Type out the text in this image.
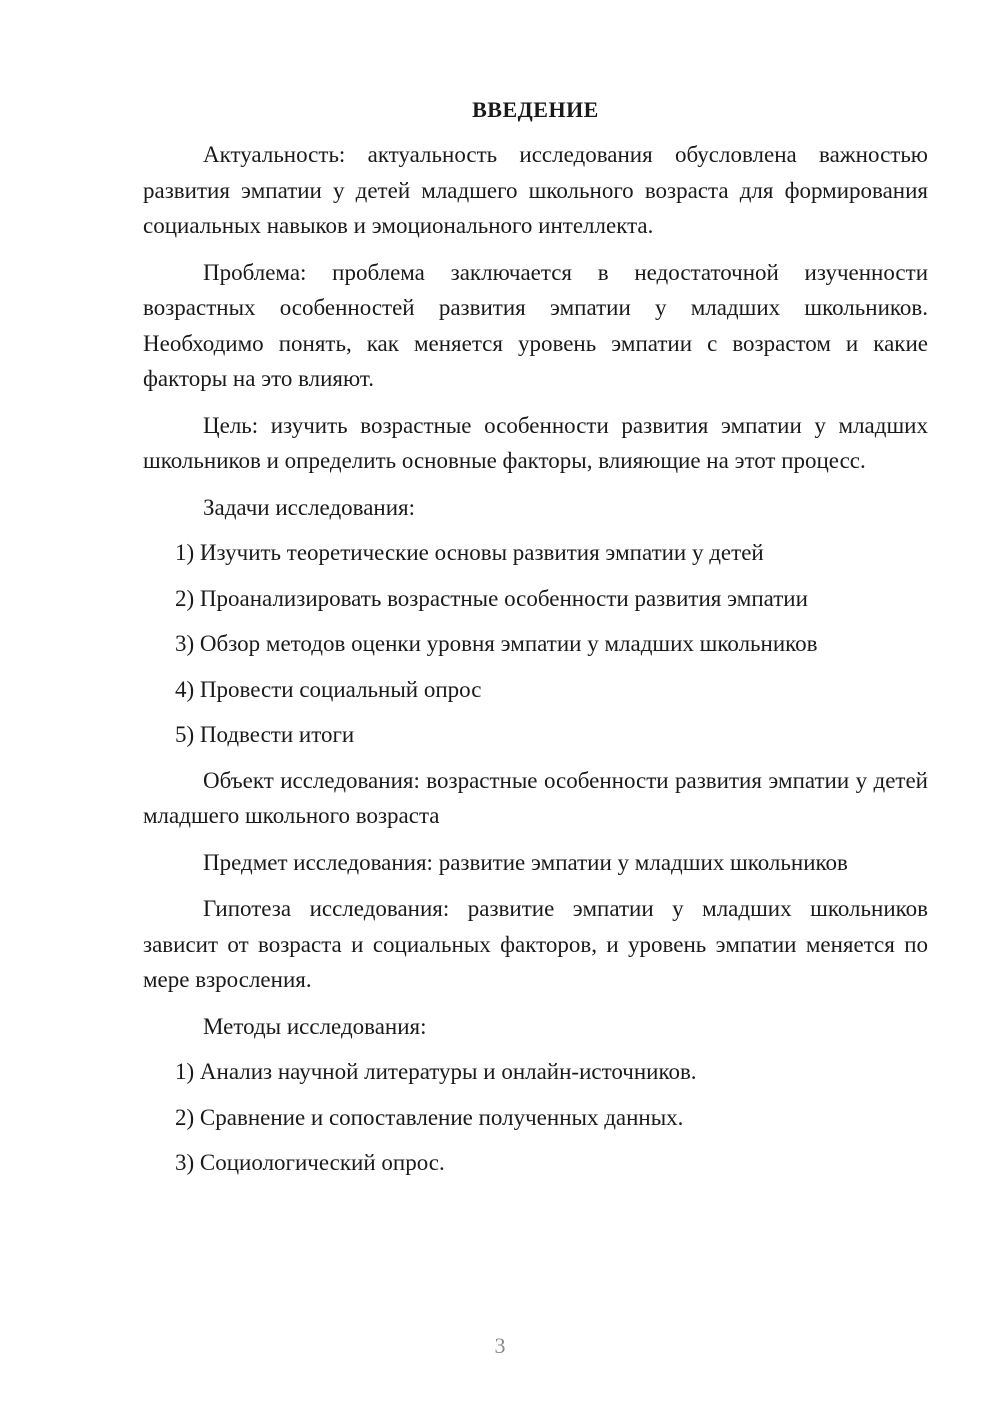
ВВЕДЕНИЕ

Актуальность: актуальность исследования обусловлена важностью развития эмпатии у детей младшего школьного возраста для формирования социальных навыков и эмоционального интеллекта.

Проблема: проблема заключается в недостаточной изученности возрастных особенностей развития эмпатии у младших школьников. Необходимо понять, как меняется уровень эмпатии с возрастом и какие факторы на это влияют.

Цель: изучить возрастные особенности развития эмпатии у младших школьников и определить основные факторы, влияющие на этот процесс.

Задачи исследования:

1) Изучить теоретические основы развития эмпатии у детей
2) Проанализировать возрастные особенности развития эмпатии
3) Обзор методов оценки уровня эмпатии у младших школьников
4) Провести социальный опрос
5) Подвести итоги

Объект исследования: возрастные особенности развития эмпатии у детей младшего школьного возраста

Предмет исследования: развитие эмпатии у младших школьников

Гипотеза исследования: развитие эмпатии у младших школьников зависит от возраста и социальных факторов, и уровень эмпатии меняется по мере взросления.

Методы исследования:

1) Анализ научной литературы и онлайн-источников.
2) Сравнение и сопоставление полученных данных.
3) Социологический опрос.
3
